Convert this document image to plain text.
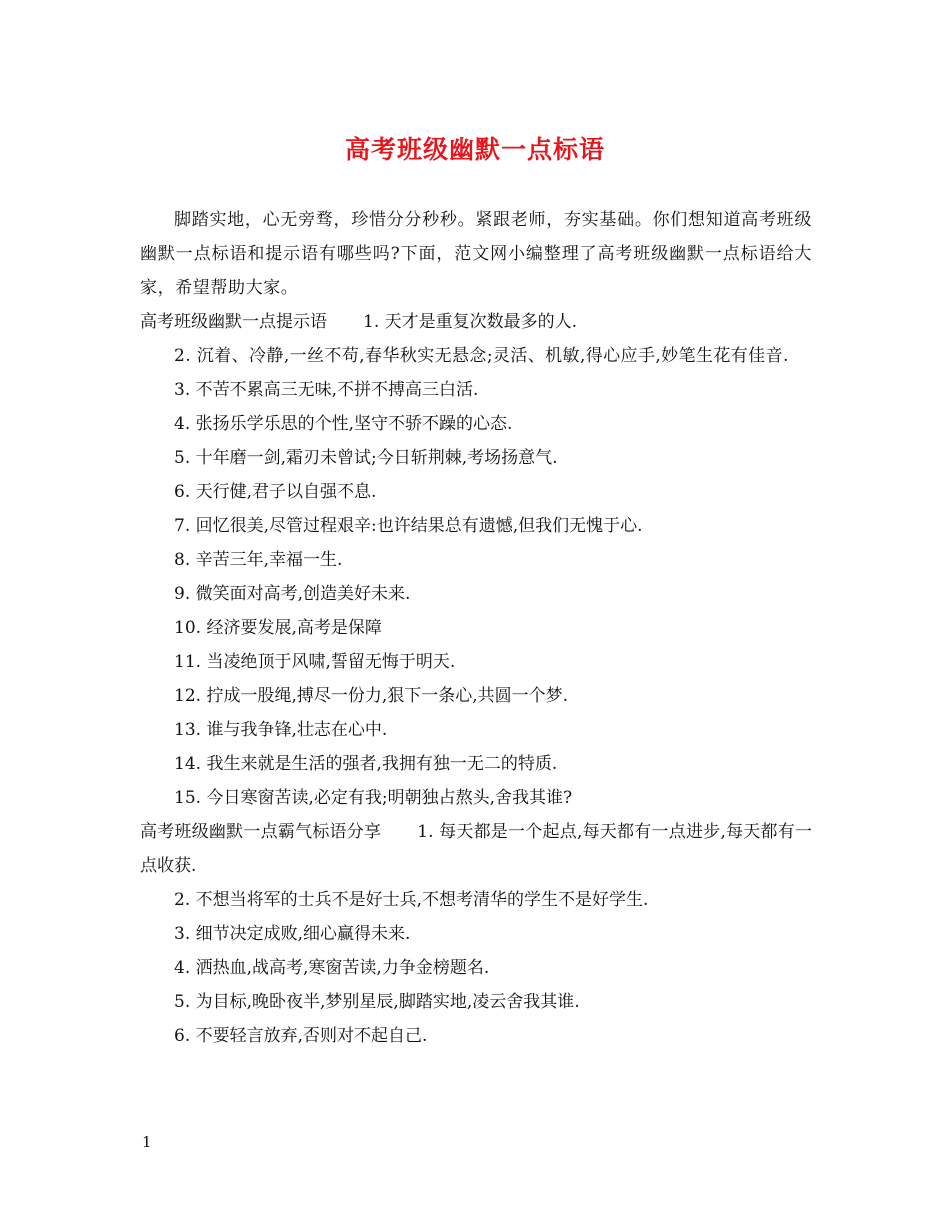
高考班级幽默一点标语
脚踏实地，心无旁骛，珍惜分分秒秒。紧跟老师，夯实基础。你们想知道高考班级幽默一点标语和提示语有哪些吗?下面，范文网小编整理了高考班级幽默一点标语给大家，希望帮助大家。
高考班级幽默一点提示语 1. 天才是重复次数最多的人.
2. 沉着、冷静,一丝不苟,春华秋实无悬念;灵活、机敏,得心应手,妙笔生花有佳音.
3. 不苦不累高三无味,不拼不搏高三白活.
4. 张扬乐学乐思的个性,坚守不骄不躁的心态.
5. 十年磨一剑,霜刃未曾试;今日斩荆棘,考场扬意气.
6. 天行健,君子以自强不息.
7. 回忆很美,尽管过程艰辛:也许结果总有遗憾,但我们无愧于心.
8. 辛苦三年,幸福一生.
9. 微笑面对高考,创造美好未来.
10. 经济要发展,高考是保障
11. 当凌绝顶于风啸,誓留无悔于明天.
12. 拧成一股绳,搏尽一份力,狠下一条心,共圆一个梦.
13. 谁与我争锋,壮志在心中.
14. 我生来就是生活的强者,我拥有独一无二的特质.
15. 今日寒窗苦读,必定有我;明朝独占熬头,舍我其谁?
高考班级幽默一点霸气标语分享 1. 每天都是一个起点,每天都有一点进步,每天都有一点收获.
2. 不想当将军的士兵不是好士兵,不想考清华的学生不是好学生.
3. 细节决定成败,细心赢得未来.
4. 洒热血,战高考,寒窗苦读,力争金榜题名.
5. 为目标,晚卧夜半,梦别星辰,脚踏实地,凌云舍我其谁.
6. 不要轻言放弃,否则对不起自己.
1
